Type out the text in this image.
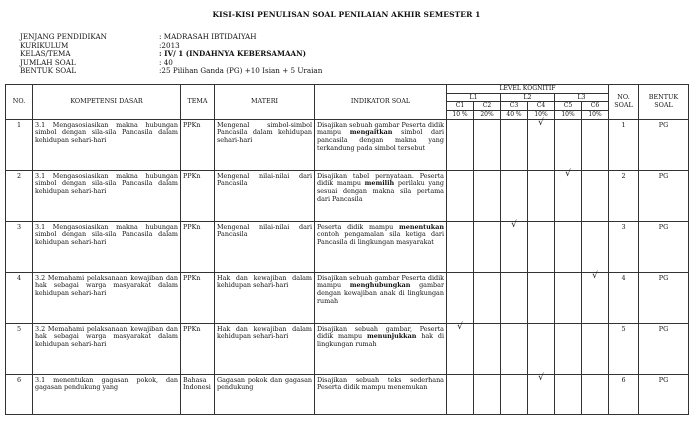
KISI-KISI PENULISAN SOAL PENILAIAN AKHIR SEMESTER 1
JENJANG PENDIDIKAN	: MADRASAH IBTIDAIYAH
KURIKULUM	:2013
KELAS/TEMA	: IV/ 1 (INDAHNYA KEBERSAMAAN)
JUMLAH SOAL	: 40
BENTUK SOAL	:25 Pilihan Ganda (PG) +10 Isian + 5 Uraian
NO.	KOMPETENSI DASAR	TEMA	MATERI	INDIKATOR SOAL	LEVEL KOGNITIF						NO. SOAL	BENTUK SOAL
					L1		L2		L3			
					C1	C2	C3	C4	C5	C6		
					10 %	20%	40 %	10%	10%	10%		
1	3.1 Mengasosiasikan makna hubungan simbol dengan sila-sila Pancasila dalam kehidupan sehari-hari	PPKn	Mengenal simbol-simbol Pancasila dalam kehidupan sehari-hari	Disajikan sebuah gambar Peserta didik mampu mengaitkan simbol dari pancasila dengan makna yang terkandung pada simbol tersebut				√			1	PG
2	3.1 Mengasosiasikan makna hubungan simbol dengan sila-sila Pancasila dalam kehidupan sehari-hari	PPKn	Mengenal nilai-nilai dari Pancasila	Disajikan tabel pernyataan. Peserta didik mampu memilih perilaku yang sesuai dengan makna sila pertama dari Pancasila					√		2	PG
3	3.1 Mengasosiasikan makna hubungan simbol dengan sila-sila Pancasila dalam kehidupan sehari-hari	PPKn	Mengenal nilai-nilai dari Pancasila	Peserta didik mampu menentukan contoh pengamalan sila ketiga dari Pancasila di lingkungan masyarakat			√				3	PG
4	3.2 Memahami pelaksanaan kewajiban dan hak sebagai warga masyarakat dalam kehidupan sehari-hari	PPKn	Hak dan kewajiban dalam kehidupan sehari-hari	Disajikan sebuah gambar Peserta didik mampu menghubungkan gambar dengan kewajiban anak di lingkungan rumah						√	4	PG
5	3.2 Memahami pelaksanaan kewajiban dan hak sebagai warga masyarakat dalam kehidupan sehari-hari	PPKn	Hak dan kewajiban dalam kehidupan sehari-hari	Disajikan sebuah gambar, Peserta didik mampu menunjukkan hak di lingkungan rumah	√						5	PG
6	3.1 menentukan gagasan pokok, dan gagasan pendukung yang	Bahasa Indonesi	Gagasan pokok dan gagasan pendukung	Disajikan sebuah teks sederhana Peserta didik mampu menemukan				√			6	PG
